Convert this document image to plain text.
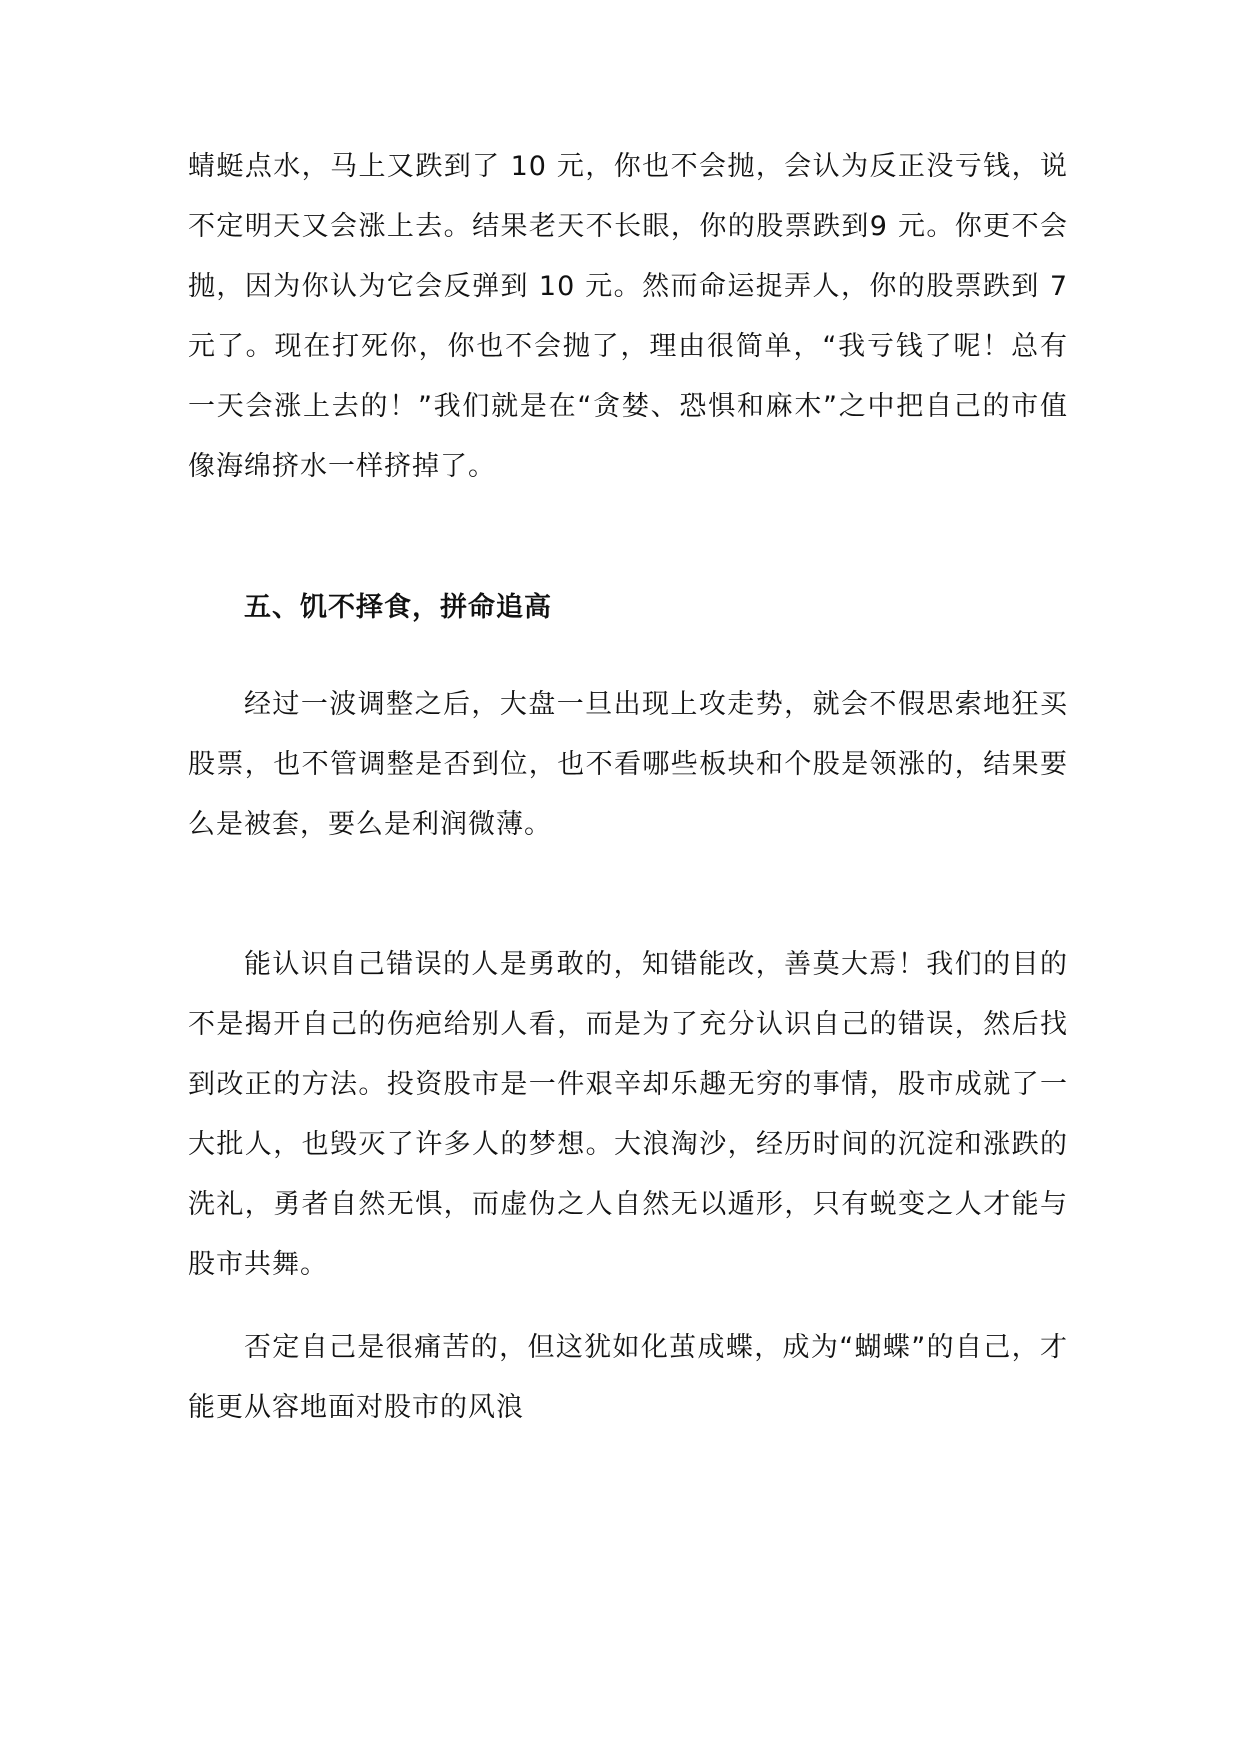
蜻蜓点水，马上又跌到了 10 元，你也不会抛，会认为反正没亏钱，说不定明天又会涨上去。结果老天不长眼，你的股票跌到9 元。你更不会抛，因为你认为它会反弹到 10 元。然而命运捉弄人，你的股票跌到 7元了。现在打死你，你也不会抛了，理由很简单，“我亏钱了呢！总有一天会涨上去的！”我们就是在“贪婪、恐惧和麻木”之中把自己的市值像海绵挤水一样挤掉了。

五、饥不择食，拼命追高

经过一波调整之后，大盘一旦出现上攻走势，就会不假思索地狂买股票，也不管调整是否到位，也不看哪些板块和个股是领涨的，结果要么是被套，要么是利润微薄。

能认识自己错误的人是勇敢的，知错能改，善莫大焉！我们的目的不是揭开自己的伤疤给别人看，而是为了充分认识自己的错误，然后找到改正的方法。投资股市是一件艰辛却乐趣无穷的事情，股市成就了一大批人，也毁灭了许多人的梦想。大浪淘沙，经历时间的沉淀和涨跌的洗礼，勇者自然无惧，而虚伪之人自然无以遁形，只有蜕变之人才能与股市共舞。

否定自己是很痛苦的，但这犹如化茧成蝶，成为“蝴蝶”的自己，才能更从容地面对股市的风浪
